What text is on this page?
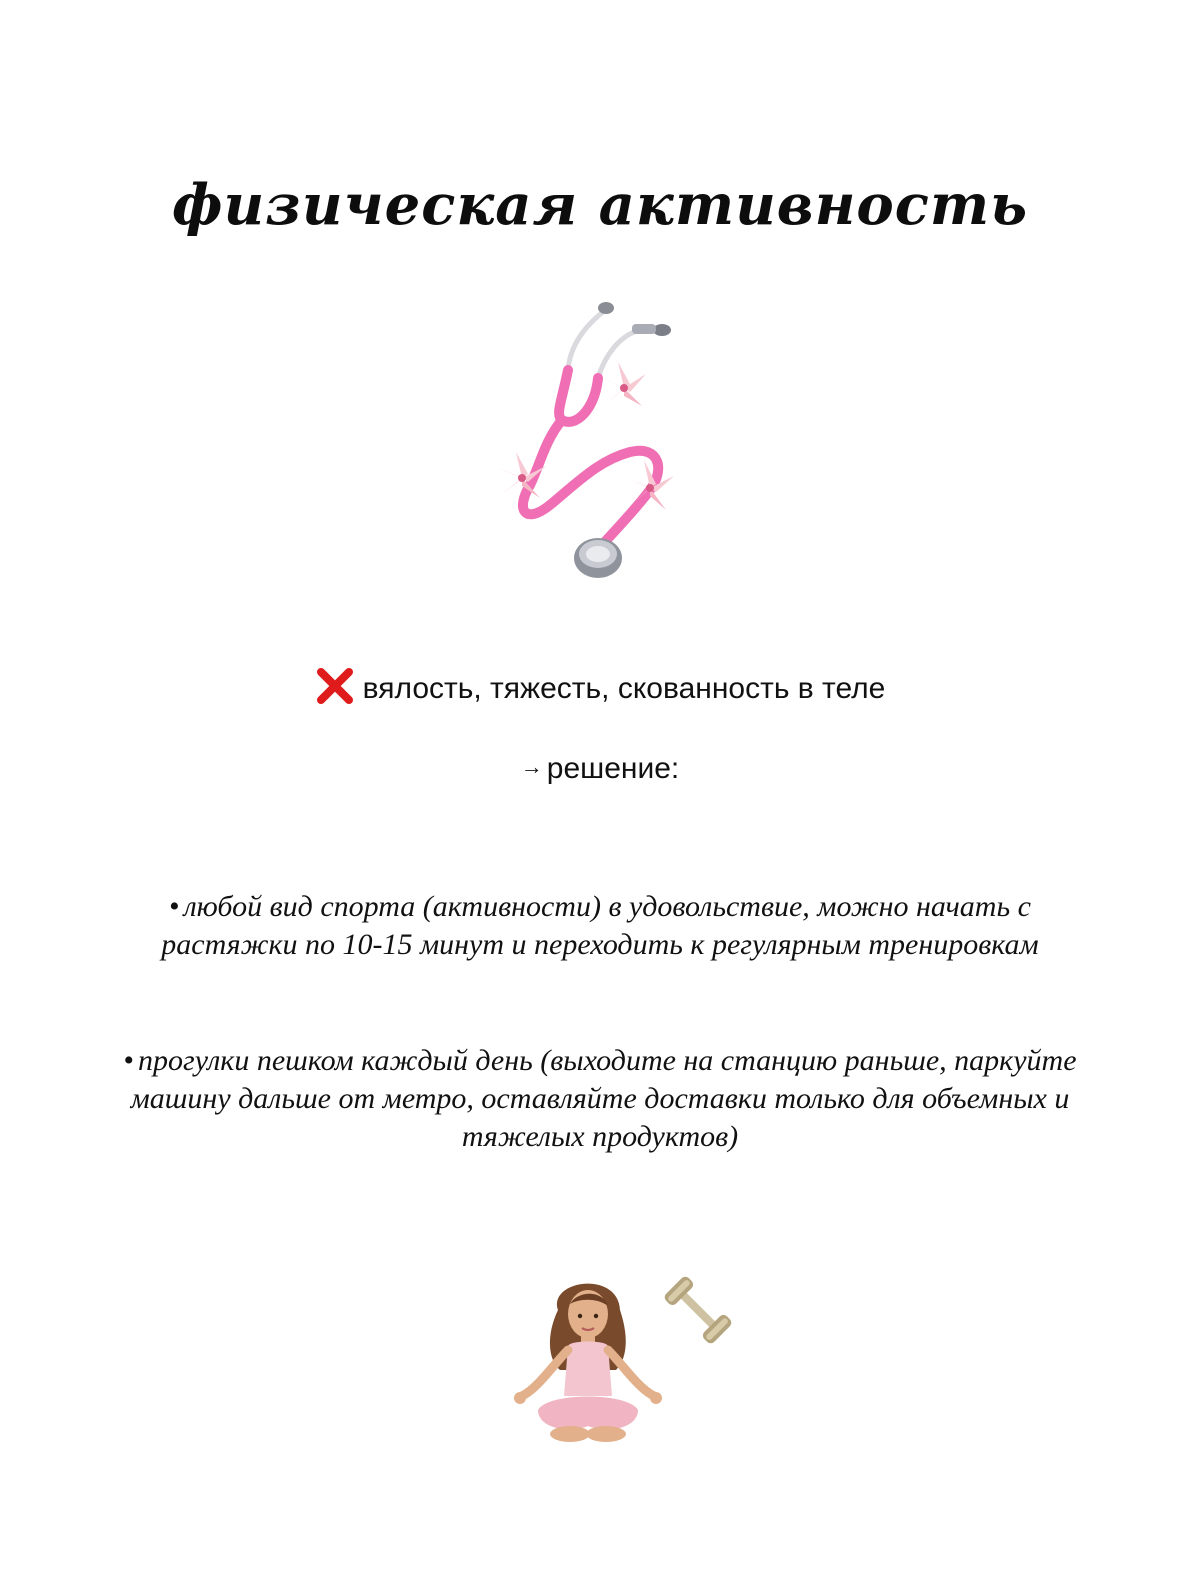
физическая активность
вялость, тяжесть, скованность в теле
→ решение:
• любой вид спорта (активности) в удовольствие, можно начать с растяжки по 10-15 минут и переходить к регулярным тренировкам
• прогулки пешком каждый день (выходите на станцию раньше, паркуйте машину дальше от метро, оставляйте доставки только для объемных и тяжелых продуктов)
